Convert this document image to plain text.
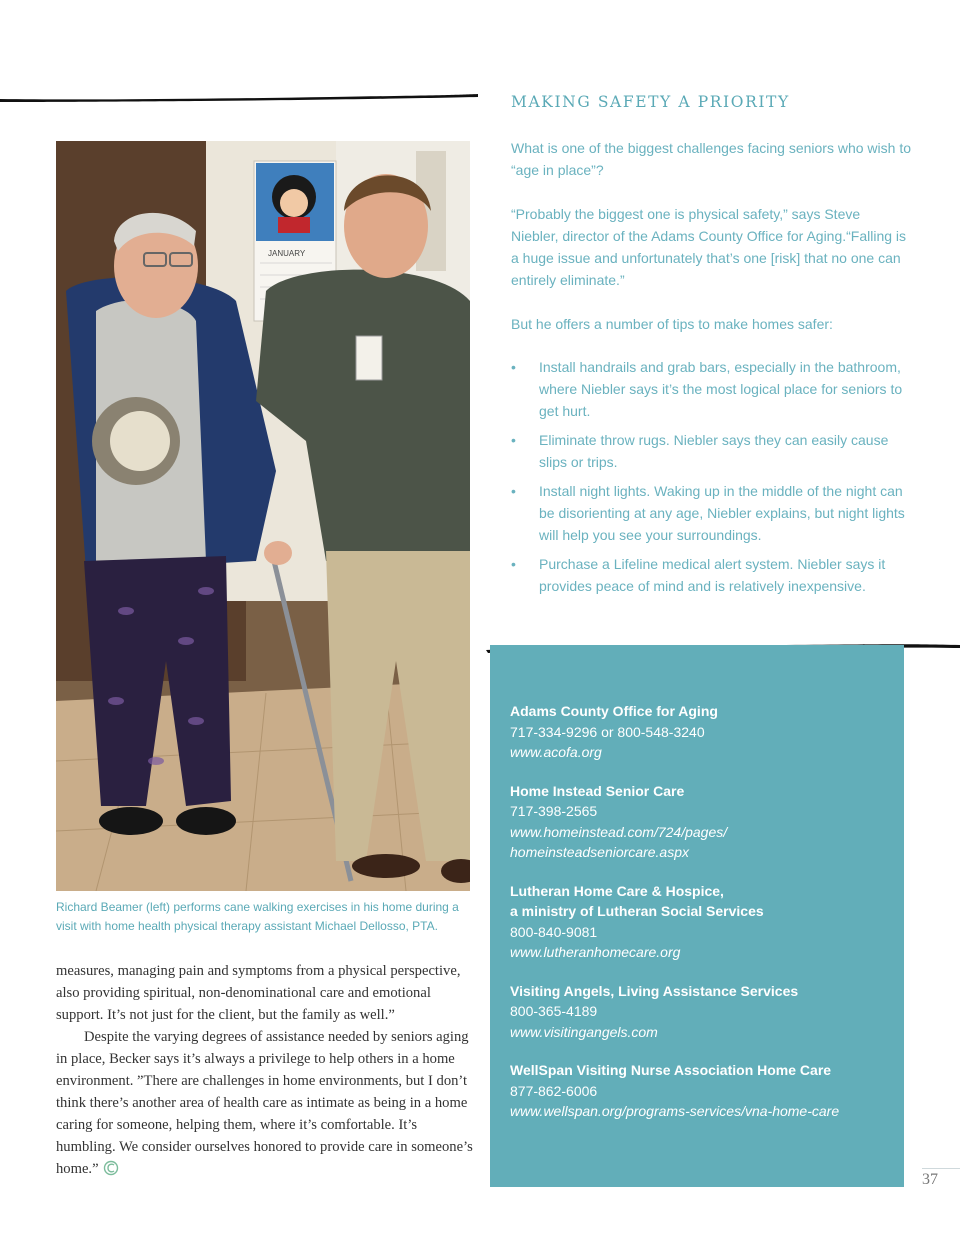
MAKING SAFETY A PRIORITY

What is one of the biggest challenges facing seniors who wish to “age in place”?

“Probably the biggest one is physical safety,” says Steve Niebler, director of the Adams County Office for Aging.“Falling is a huge issue and unfortunately that’s one [risk] that no one can entirely eliminate.”

But he offers a number of tips to make homes safer:

• Install handrails and grab bars, especially in the bathroom, where Niebler says it’s the most logical place for seniors to get hurt.
• Eliminate throw rugs. Niebler says they can easily cause slips or trips.
• Install night lights. Waking up in the middle of the night can be disorienting at any age, Niebler explains, but night lights will help you see your surroundings.
• Purchase a Lifeline medical alert system. Niebler says it provides peace of mind and is relatively inexpensive.
JANUARY

Richard Beamer (left) performs cane walking exercises in his home during a visit with home health physical therapy assistant Michael Dellosso, PTA.

measures, managing pain and symptoms from a physical perspective, also providing spiritual, non-denominational care and emotional support. It’s not just for the client, but the family as well.”

Despite the varying degrees of assistance needed by seniors aging in place, Becker says it’s always a privilege to help others in a home environment. ”There are challenges in home environments, but I don’t think there’s another area of health care as intimate as being in a home caring for someone, helping them, where it’s comfortable. It’s humbling. We consider ourselves honored to provide care in someone’s home.”

Adams County Office for Aging
717-334-9296 or 800-548-3240
www.acofa.org
Home Instead Senior Care
717-398-2565
www.homeinstead.com/724/pages/
homeinsteadseniorcare.aspx
Lutheran Home Care & Hospice,
a ministry of Lutheran Social Services
800-840-9081
www.lutheranhomecare.org
Visiting Angels, Living Assistance Services
800-365-4189
www.visitingangels.com
WellSpan Visiting Nurse Association Home Care
877-862-6006
www.wellspan.org/programs-services/vna-home-care
37
